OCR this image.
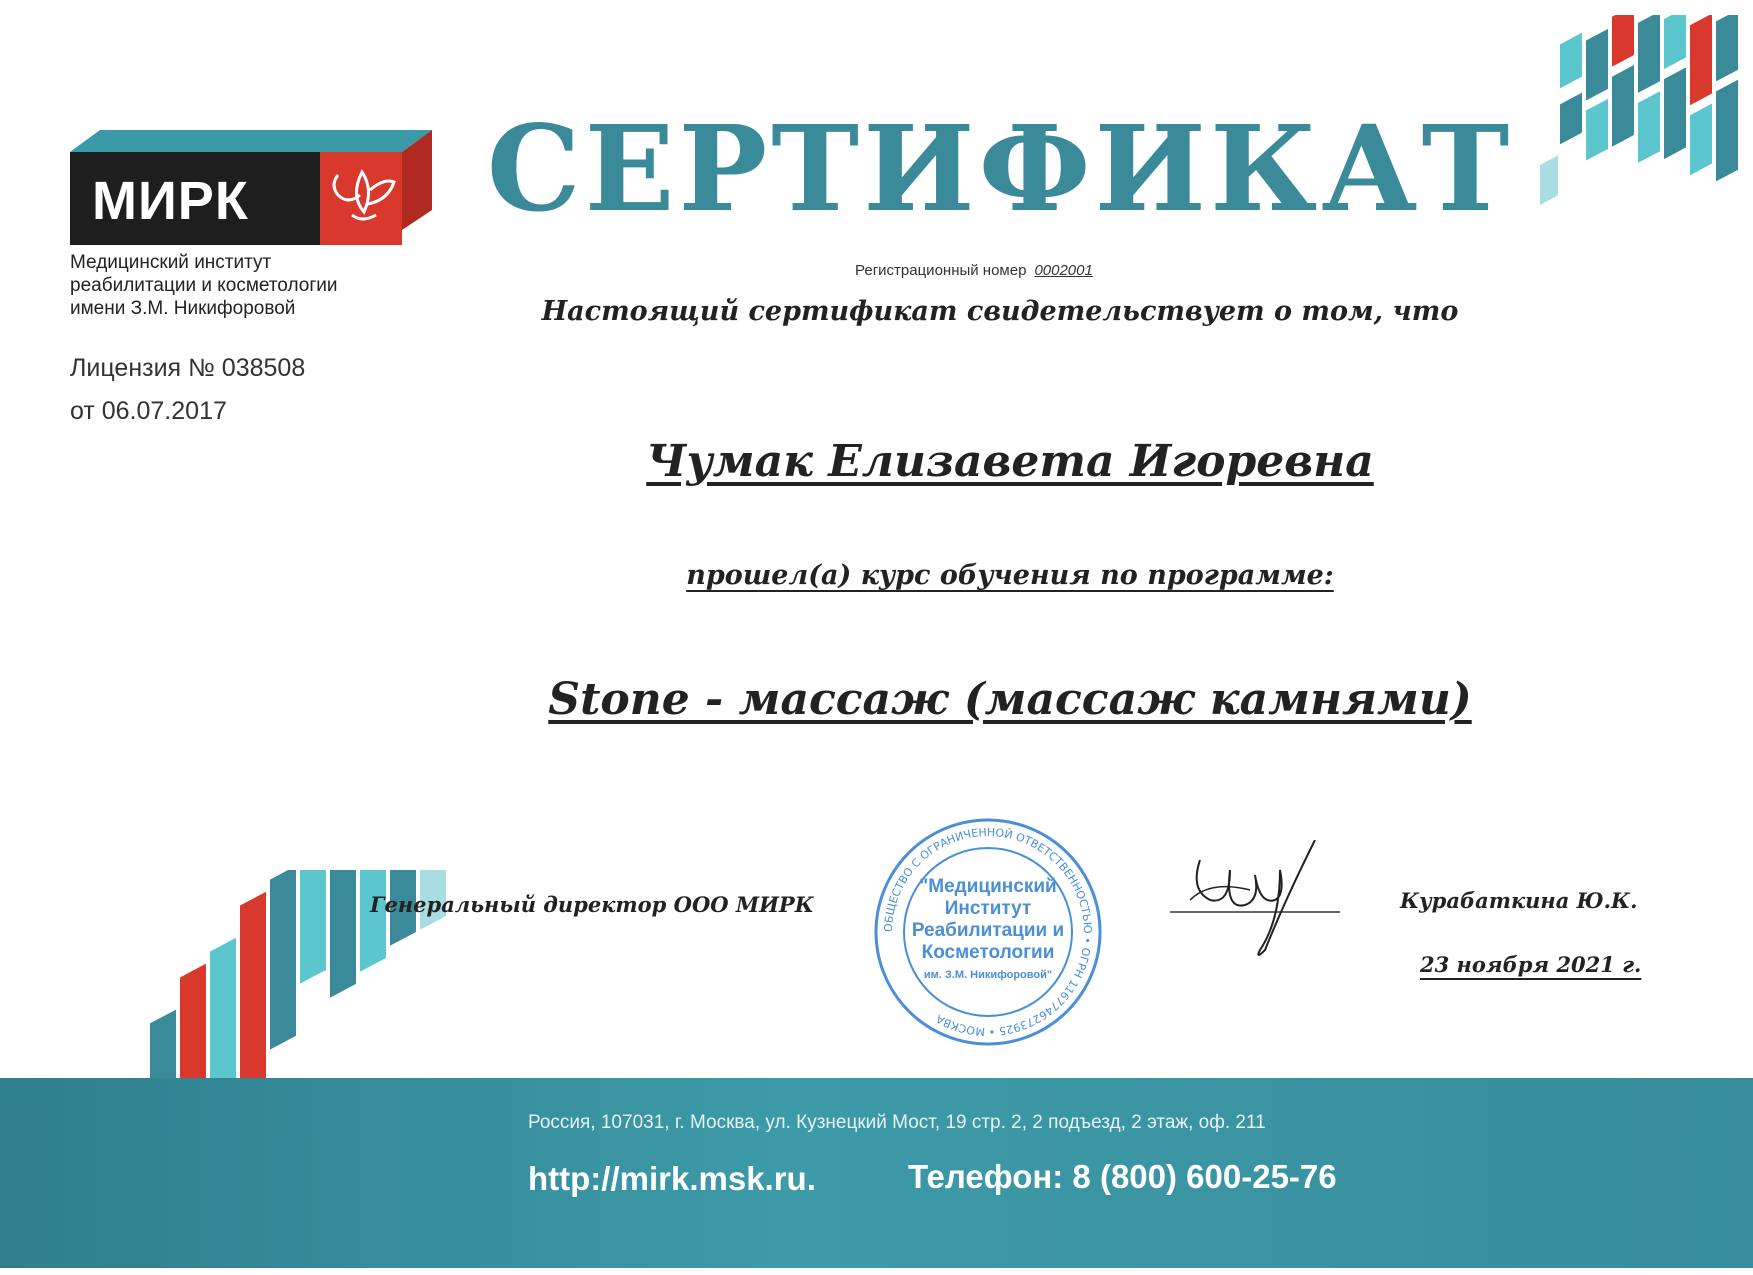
МИРК
Медицинский институт
реабилитации и косметологии
имени З.М. Никифоровой
Лицензия № 038508
от 06.07.2017
СЕРТИФИКАТ
Регистрационный номер 0002001
Настоящий сертификат свидетельствует о том, что
Чумак Елизавета Игоревна
прошел(а) курс обучения по программе:
Stone - массаж (массаж камнями)
Генеральный директор ООО МИРК
ОБЩЕСТВО С ОГРАНИЧЕННОЙ ОТВЕТСТВЕННОСТЬЮ • ОГРН 1167746273925 • МОСКВА
"Медицинский
Институт
Реабилитации и
Косметологии
им. З.М. Никифоровой"
Курабаткина Ю.К.
23 ноября 2021 г.
Россия, 107031, г. Москва, ул. Кузнецкий Мост, 19 стр. 2, 2 подъезд, 2 этаж, оф. 211
http://mirk.msk.ru.	Телефон: 8 (800) 600-25-76
